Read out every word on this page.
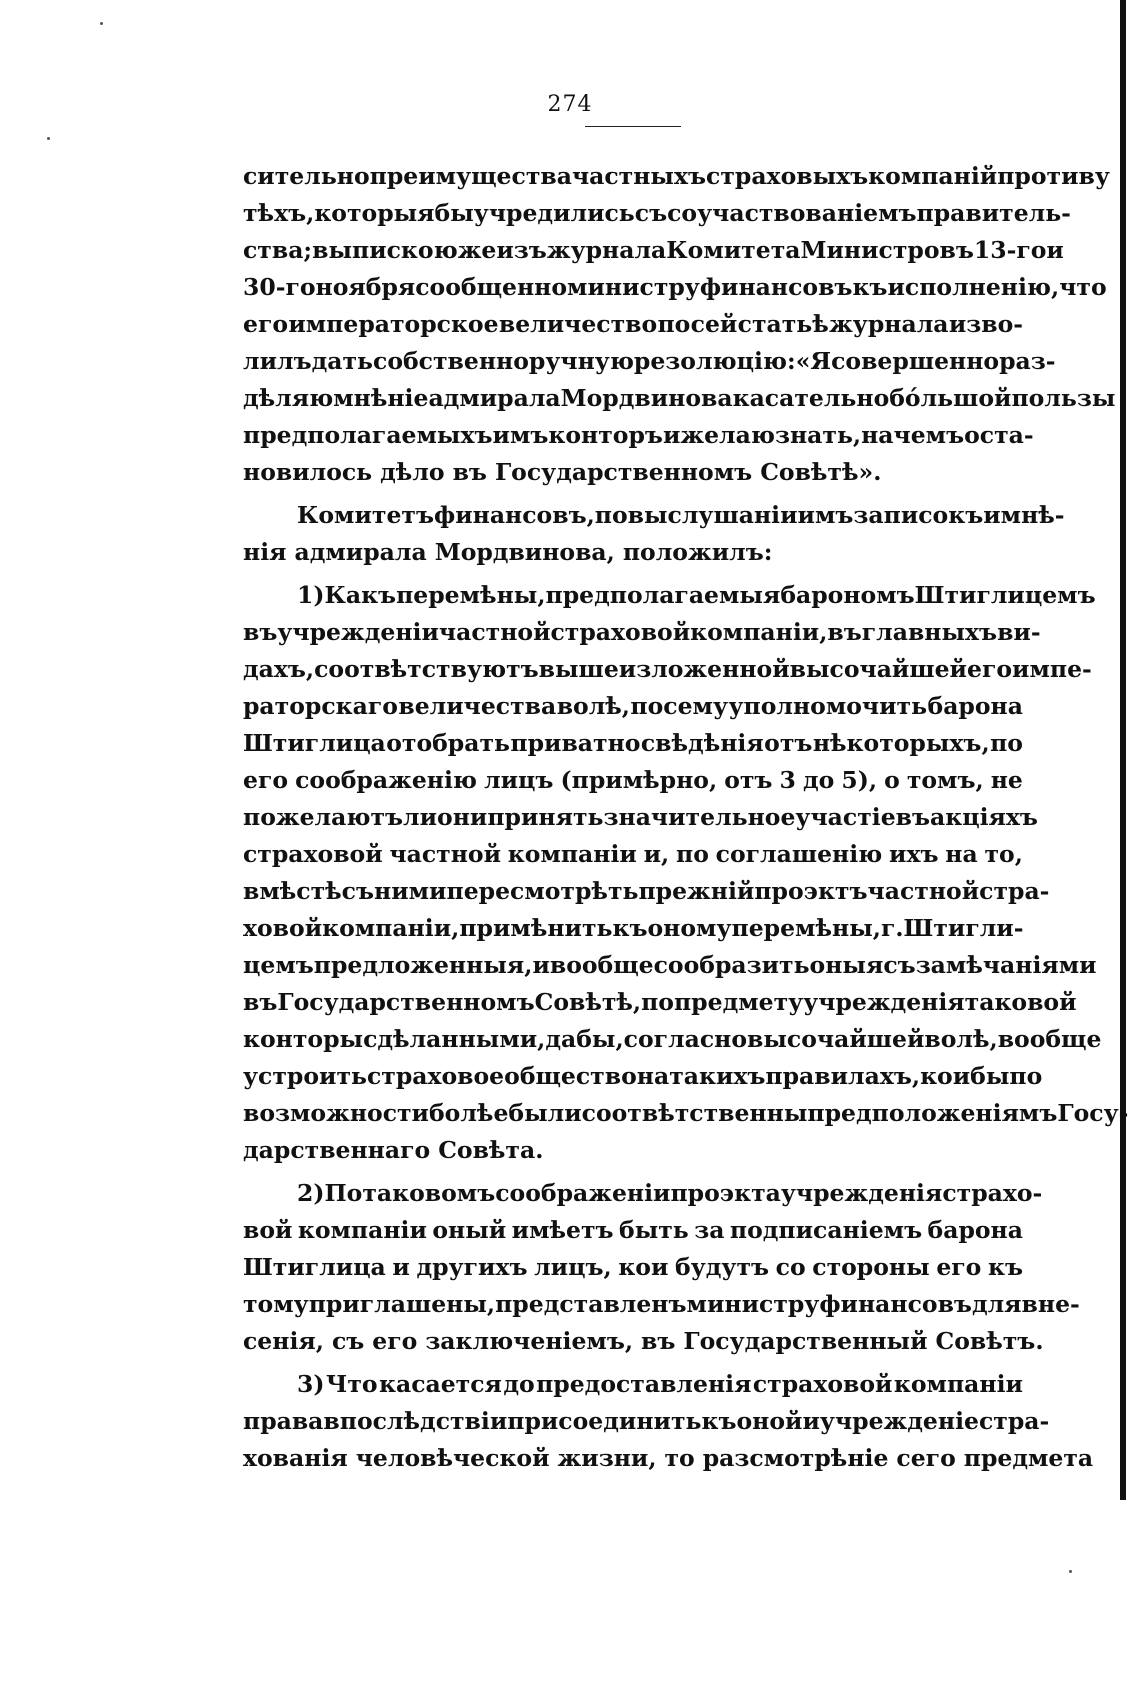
274
сительно преимущества частныхъ страховыхъ компаній противу
тѣхъ, которыя бы учредились съ соучаствованіемъ правитель-
ства; выпискою же изъ журнала Комитета Министровъ 13-го и
30-го ноября сообщенно министру финансовъ къ исполненію, что
его императорское величество по сей статьѣ журнала изво-
лилъ дать собственноручную резолюцію: «Я совершенно раз-
дѣляю мнѣніе адмирала Мордвинова касательно бóльшой пользы
предполагаемыхъ имъ конторъ и желаю знать, на чемъ оста-
новилось дѣло въ Государственномъ Совѣтѣ».
Комитетъ финансовъ, по выслушаніи имъ записокъ и мнѣ-
нія адмирала Мордвинова, положилъ:
1) Какъ перемѣны, предполагаемыя барономъ Штиглицемъ
въ учрежденіи частной страховой компаніи, въ главныхъ ви-
дахъ, соотвѣтствуютъ вышеизложенной высочайшей его импе-
раторскаго величества волѣ, посему уполномочить барона
Штиглица отобрать приватно свѣдѣнія отъ нѣкоторыхъ, по
его соображенію лицъ (примѣрно, отъ 3 до 5), о томъ, не
пожелаютъ ли они принять значительное участіе въ акціяхъ
страховой частной компаніи и, по соглашенію ихъ на то,
вмѣстѣ съ ними пересмотрѣть прежній проэктъ частной стра-
ховой компаніи, примѣнить къ оному перемѣны, г. Штигли-
цемъ предложенныя, и вообще сообразить оныя съ замѣчаніями
въ Государственномъ Совѣтѣ, по предмету учрежденія таковой
конторы сдѣланными, дабы, согласно высочайшей волѣ, вообще
устроить страховое общество на такихъ правилахъ, кои бы по
возможности болѣе были соотвѣтственны предположеніямъ Госу-
дарственнаго Совѣта.
2) По таковомъ соображеніи проэкта учрежденія страхо-
вой компаніи оный имѣетъ быть за подписаніемъ барона
Штиглица и другихъ лицъ, кои будутъ со стороны его къ
тому приглашены, представленъ министру финансовъ для вне-
сенія, съ его заключеніемъ, въ Государственный Совѣтъ.
3) Что касается до предоставленія страховой компаніи
права впослѣдствіи присоединить къ оной и учрежденіе стра-
хованія человѣческой жизни, то разсмотрѣніе сего предмета
